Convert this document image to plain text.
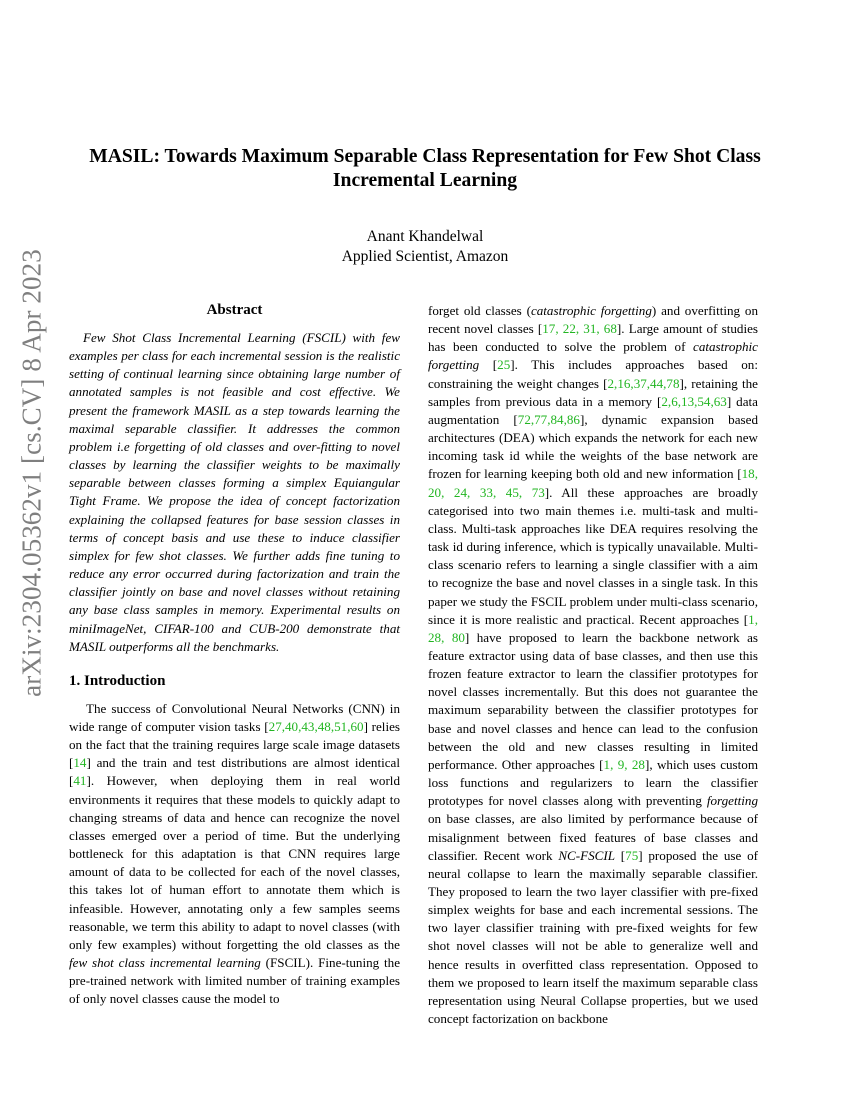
arXiv:2304.05362v1 [cs.CV] 8 Apr 2023
MASIL: Towards Maximum Separable Class Representation for Few Shot Class Incremental Learning
Anant Khandelwal
Applied Scientist, Amazon
Abstract

Few Shot Class Incremental Learning (FSCIL) with few examples per class for each incremental session is the realistic setting of continual learning since obtaining large number of annotated samples is not feasible and cost effective. We present the framework MASIL as a step towards learning the maximal separable classifier. It addresses the common problem i.e forgetting of old classes and over-fitting to novel classes by learning the classifier weights to be maximally separable between classes forming a simplex Equiangular Tight Frame. We propose the idea of concept factorization explaining the collapsed features for base session classes in terms of concept basis and use these to induce classifier simplex for few shot classes. We further adds fine tuning to reduce any error occurred during factorization and train the classifier jointly on base and novel classes without retaining any base class samples in memory. Experimental results on miniImageNet, CIFAR-100 and CUB-200 demonstrate that MASIL outperforms all the benchmarks.

1. Introduction

The success of Convolutional Neural Networks (CNN) in wide range of computer vision tasks [27,40,43,48,51,60] relies on the fact that the training requires large scale image datasets [14] and the train and test distributions are almost identical [41]. However, when deploying them in real world environments it requires that these models to quickly adapt to changing streams of data and hence can recognize the novel classes emerged over a period of time. But the underlying bottleneck for this adaptation is that CNN requires large amount of data to be collected for each of the novel classes, this takes lot of human effort to annotate them which is infeasible. However, annotating only a few samples seems reasonable, we term this ability to adapt to novel classes (with only few examples) without forgetting the old classes as the few shot class incremental learning (FSCIL). Fine-tuning the pre-trained network with limited number of training examples of only novel classes cause the model to

forget old classes (catastrophic forgetting) and overfitting on recent novel classes [17, 22, 31, 68]. Large amount of studies has been conducted to solve the problem of catastrophic forgetting [25]. This includes approaches based on: constraining the weight changes [2,16,37,44,78], retaining the samples from previous data in a memory [2,6,13,54,63] data augmentation [72,77,84,86], dynamic expansion based architectures (DEA) which expands the network for each new incoming task id while the weights of the base network are frozen for learning keeping both old and new information [18, 20, 24, 33, 45, 73]. All these approaches are broadly categorised into two main themes i.e. multi-task and multi-class. Multi-task approaches like DEA requires resolving the task id during inference, which is typically unavailable. Multi-class scenario refers to learning a single classifier with a aim to recognize the base and novel classes in a single task. In this paper we study the FSCIL problem under multi-class scenario, since it is more realistic and practical. Recent approaches [1, 28, 80] have proposed to learn the backbone network as feature extractor using data of base classes, and then use this frozen feature extractor to learn the classifier prototypes for novel classes incrementally. But this does not guarantee the maximum separability between the classifier prototypes for base and novel classes and hence can lead to the confusion between the old and new classes resulting in limited performance. Other approaches [1, 9, 28], which uses custom loss functions and regularizers to learn the classifier prototypes for novel classes along with preventing forgetting on base classes, are also limited by performance because of misalignment between fixed features of base classes and classifier. Recent work NC-FSCIL [75] proposed the use of neural collapse to learn the maximally separable classifier. They proposed to learn the two layer classifier with pre-fixed simplex weights for base and each incremental sessions. The two layer classifier training with pre-fixed weights for few shot novel classes will not be able to generalize well and hence results in overfitted class representation. Opposed to them we proposed to learn itself the maximum separable class representation using Neural Collapse properties, but we used concept factorization on backbone
